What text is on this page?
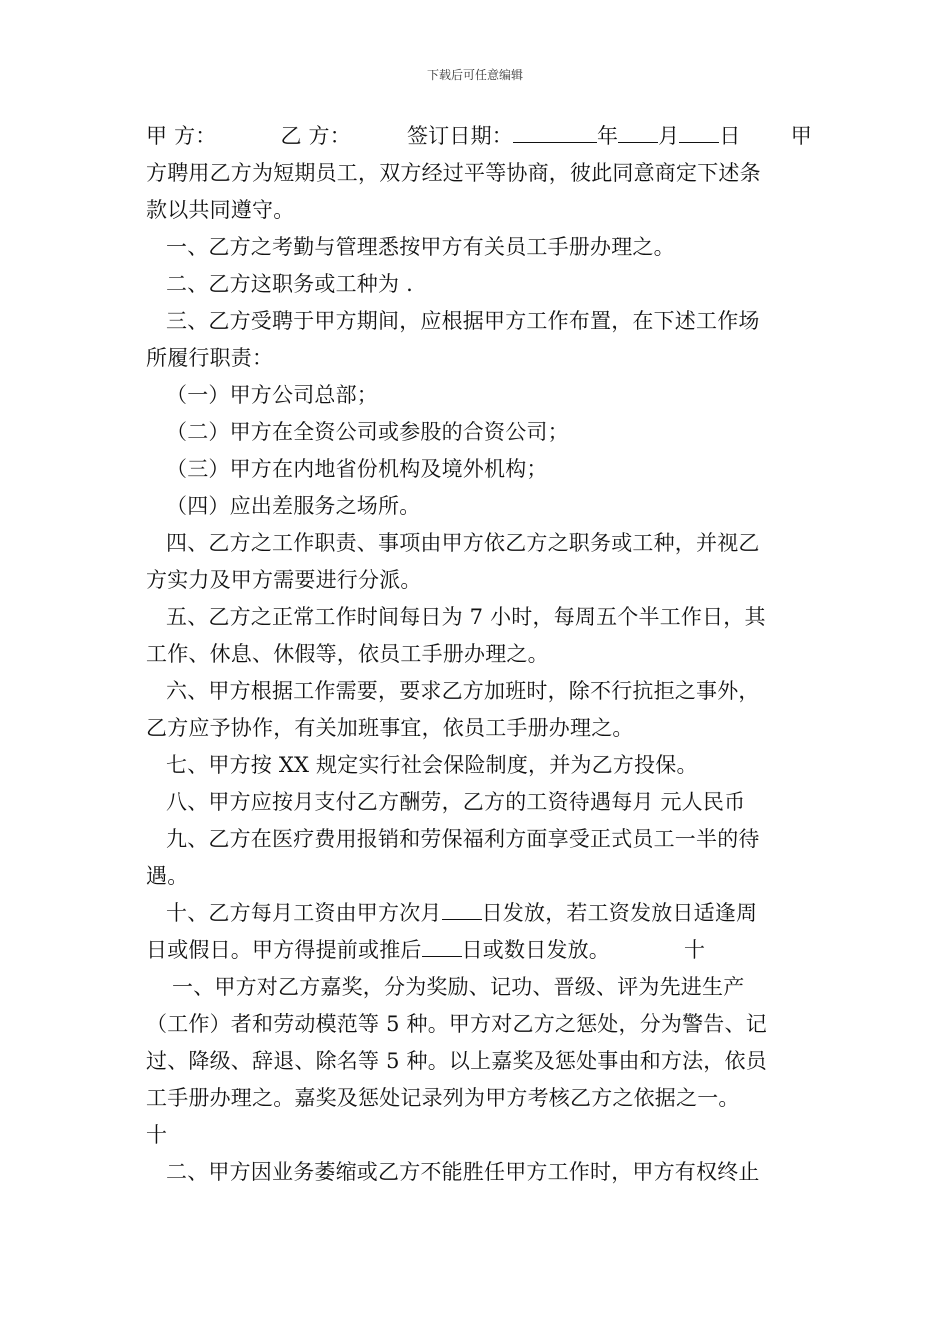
下载后可任意编辑
甲 方：	乙 方：	签订日期：	年 月 日 甲
方聘用乙方为短期员工，双方经过平等协商，彼此同意商定下述条
款以共同遵守。
一、乙方之考勤与管理悉按甲方有关员工手册办理之。
二、乙方这职务或工种为 .
三、乙方受聘于甲方期间，应根据甲方工作布置，在下述工作场
所履行职责：
（一）甲方公司总部；
（二）甲方在全资公司或参股的合资公司；
（三）甲方在内地省份机构及境外机构；
（四）应出差服务之场所。
四、乙方之工作职责、事项由甲方依乙方之职务或工种，并视乙
方实力及甲方需要进行分派。
五、乙方之正常工作时间每日为 7 小时，每周五个半工作日，其
工作、休息、休假等，依员工手册办理之。
六、甲方根据工作需要，要求乙方加班时，除不行抗拒之事外，
乙方应予协作，有关加班事宜，依员工手册办理之。
七、甲方按 XX 规定实行社会保险制度，并为乙方投保。
八、甲方应按月支付乙方酬劳，乙方的工资待遇每月 元人民币
九、乙方在医疗费用报销和劳保福利方面享受正式员工一半的待
遇。
十、乙方每月工资由甲方次月 日发放，若工资发放日适逢周
日或假日。甲方得提前或推后 日或数日发放。	十
一、甲方对乙方嘉奖，分为奖励、记功、晋级、评为先进生产
（工作）者和劳动模范等 5 种。甲方对乙方之惩处，分为警告、记
过、降级、辞退、除名等 5 种。以上嘉奖及惩处事由和方法，依员
工手册办理之。嘉奖及惩处记录列为甲方考核乙方之依据之一。
十
二、甲方因业务萎缩或乙方不能胜任甲方工作时，甲方有权终止
